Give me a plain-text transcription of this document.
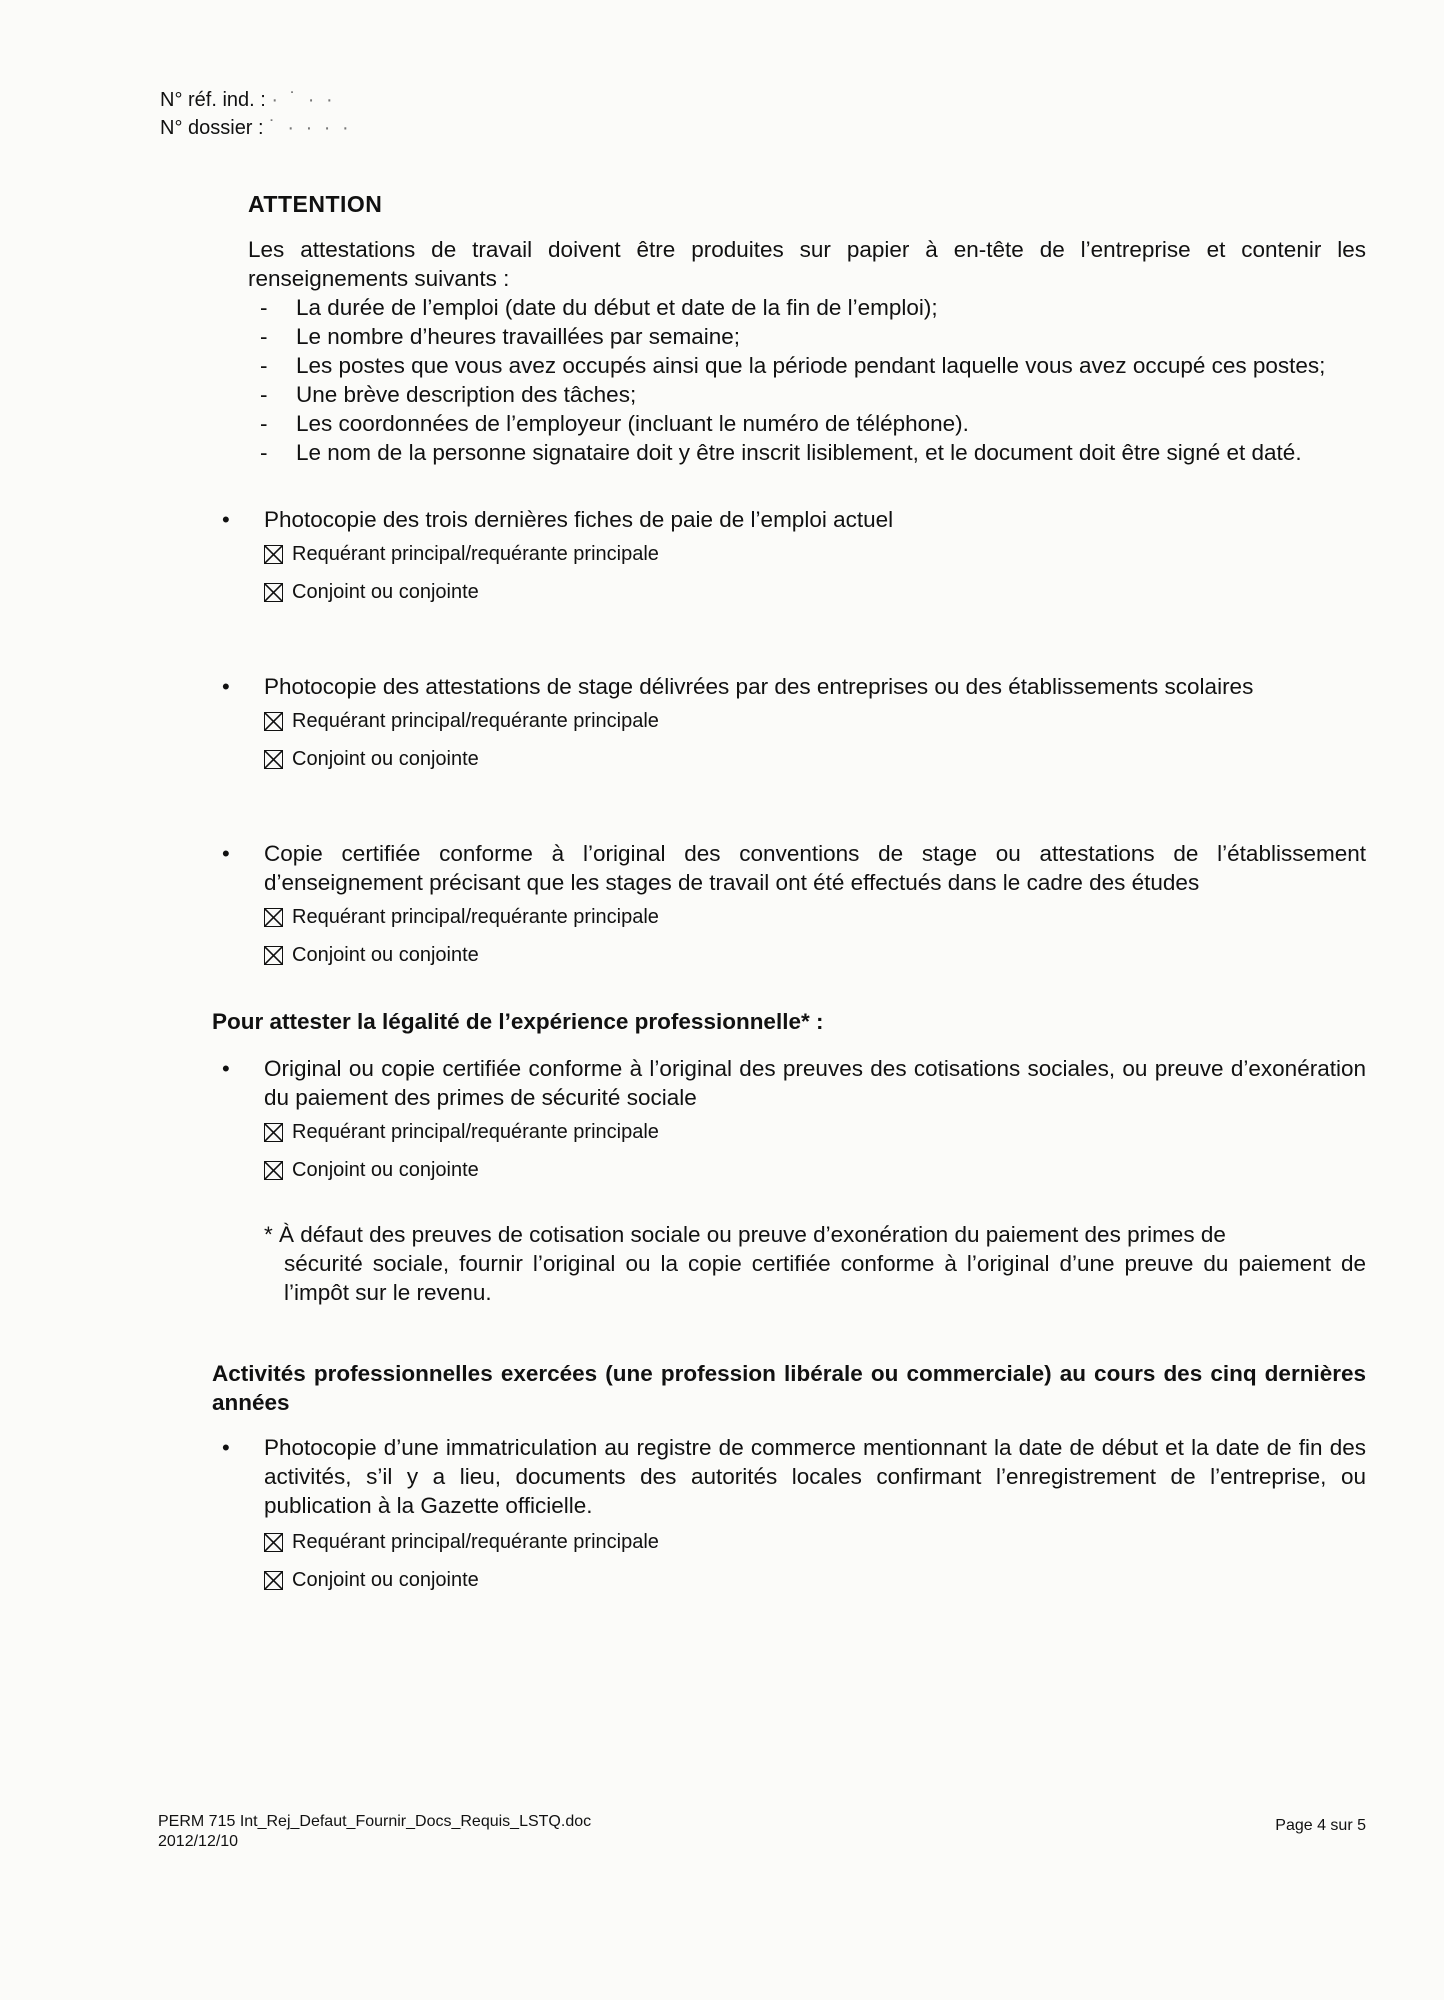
N° réf. ind. : · ˙ · ·
N° dossier : ˙ · · · ·
ATTENTION
Les attestations de travail doivent être produites sur papier à en-tête de l’entreprise et contenir les renseignements suivants :
- La durée de l’emploi (date du début et date de la fin de l’emploi);
- Le nombre d’heures travaillées par semaine;
- Les postes que vous avez occupés ainsi que la période pendant laquelle vous avez occupé ces postes;
- Une brève description des tâches;
- Les coordonnées de l’employeur (incluant le numéro de téléphone).
- Le nom de la personne signataire doit y être inscrit lisiblement, et le document doit être signé et daté.
• Photocopie des trois dernières fiches de paie de l’emploi actuel
Requérant principal/requérante principale
Conjoint ou conjointe
• Photocopie des attestations de stage délivrées par des entreprises ou des établissements scolaires
Requérant principal/requérante principale
Conjoint ou conjointe
• Copie certifiée conforme à l’original des conventions de stage ou attestations de l’établissement d’enseignement précisant que les stages de travail ont été effectués dans le cadre des études
Requérant principal/requérante principale
Conjoint ou conjointe
Pour attester la légalité de l’expérience professionnelle* :
• Original ou copie certifiée conforme à l’original des preuves des cotisations sociales, ou preuve d’exonération du paiement des primes de sécurité sociale
Requérant principal/requérante principale
Conjoint ou conjointe
* À défaut des preuves de cotisation sociale ou preuve d’exonération du paiement des primes de
sécurité sociale, fournir l’original ou la copie certifiée conforme à l’original d’une preuve du paiement de l’impôt sur le revenu.
Activités professionnelles exercées (une profession libérale ou commerciale) au cours des cinq dernières années
• Photocopie d’une immatriculation au registre de commerce mentionnant la date de début et la date de fin des activités, s’il y a lieu, documents des autorités locales confirmant l’enregistrement de l’entreprise, ou publication à la Gazette officielle.
Requérant principal/requérante principale
Conjoint ou conjointe
PERM 715 Int_Rej_Defaut_Fournir_Docs_Requis_LSTQ.doc
2012/12/10
Page 4 sur 5
